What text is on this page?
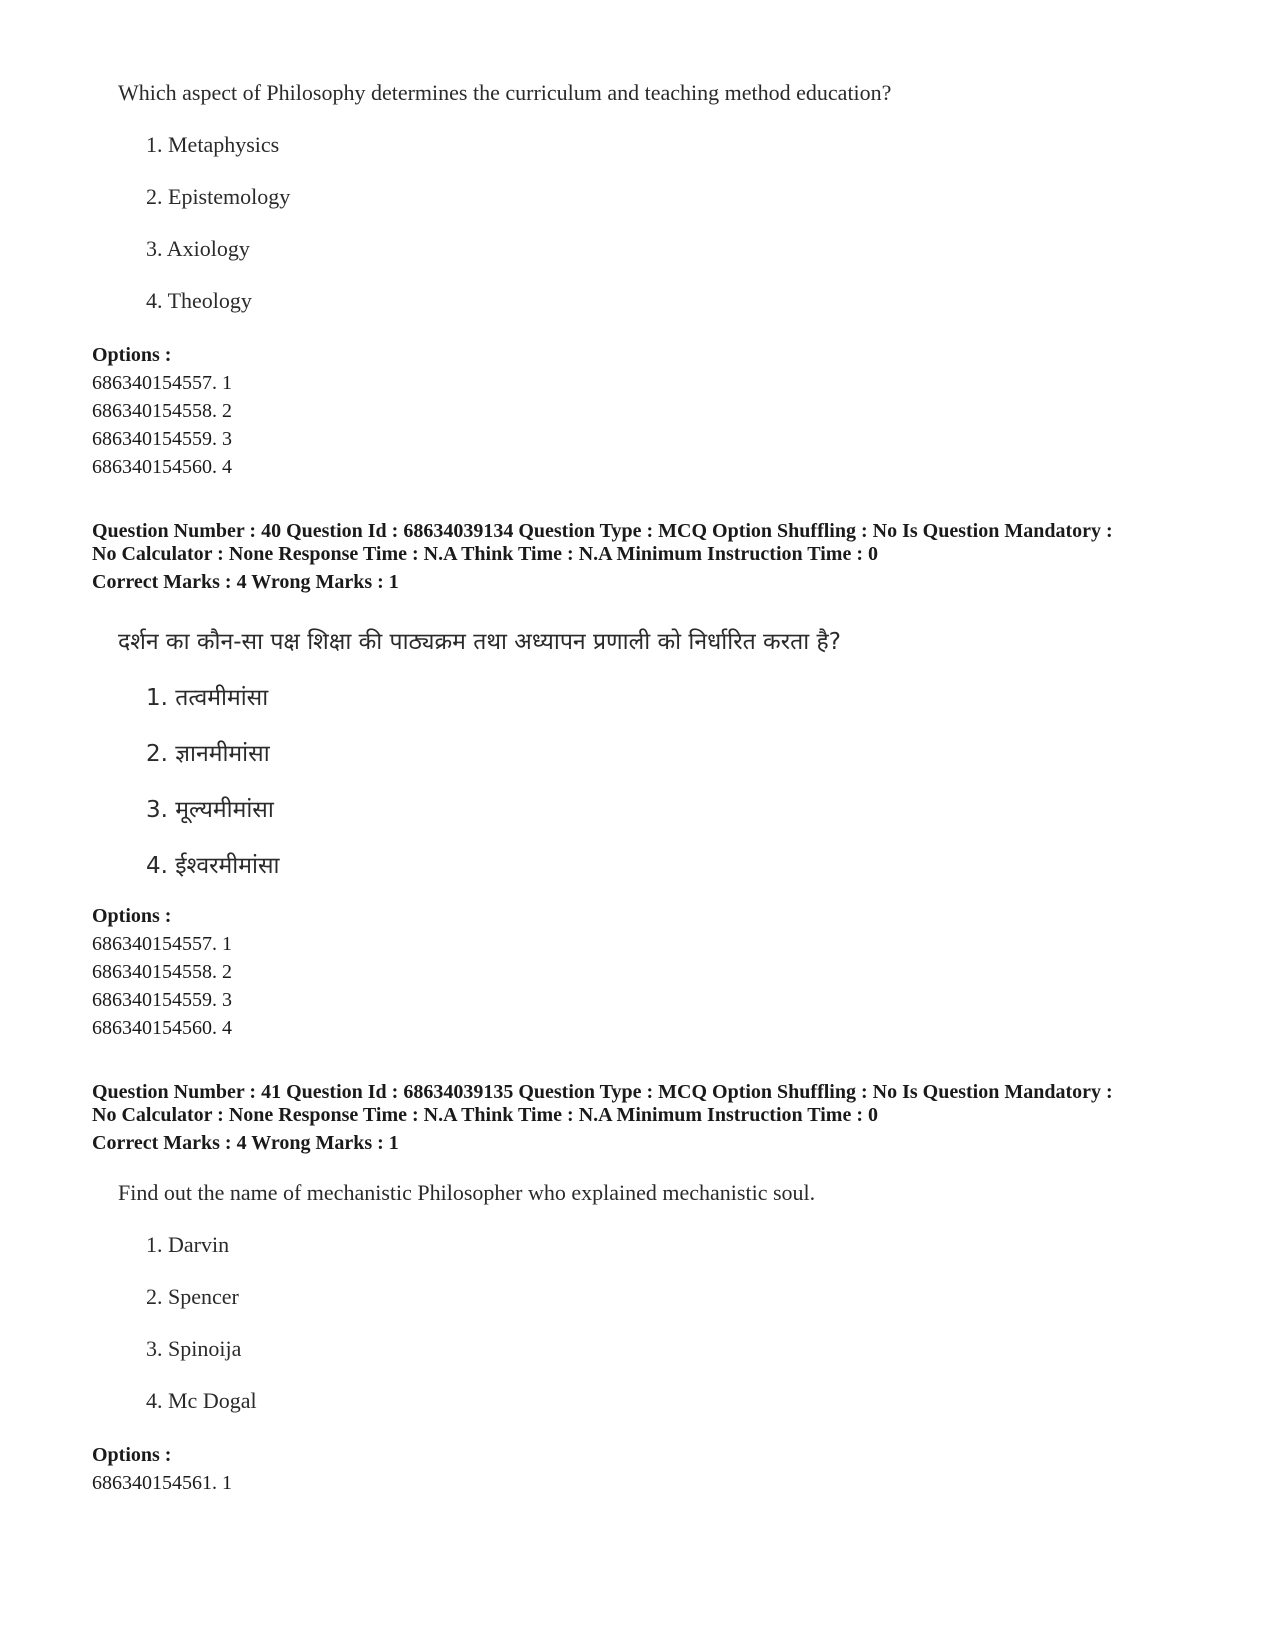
Which aspect of Philosophy determines the curriculum and teaching method education?
1. Metaphysics
2. Epistemology
3. Axiology
4. Theology
Options :
686340154557. 1
686340154558. 2
686340154559. 3
686340154560. 4
Question Number : 40 Question Id : 68634039134 Question Type : MCQ Option Shuffling : No Is Question Mandatory :
No Calculator : None Response Time : N.A Think Time : N.A Minimum Instruction Time : 0
Correct Marks : 4 Wrong Marks : 1
दर्शन का कौन-सा पक्ष शिक्षा की पाठ्यक्रम तथा अध्यापन प्रणाली को निर्धारित करता है?
1. तत्वमीमांसा
2. ज्ञानमीमांसा
3. मूल्यमीमांसा
4. ईश्वरमीमांसा
Options :
686340154557. 1
686340154558. 2
686340154559. 3
686340154560. 4
Question Number : 41 Question Id : 68634039135 Question Type : MCQ Option Shuffling : No Is Question Mandatory :
No Calculator : None Response Time : N.A Think Time : N.A Minimum Instruction Time : 0
Correct Marks : 4 Wrong Marks : 1
Find out the name of mechanistic Philosopher who explained mechanistic soul.
1. Darvin
2. Spencer
3. Spinoija
4. Mc Dogal
Options :
686340154561. 1
